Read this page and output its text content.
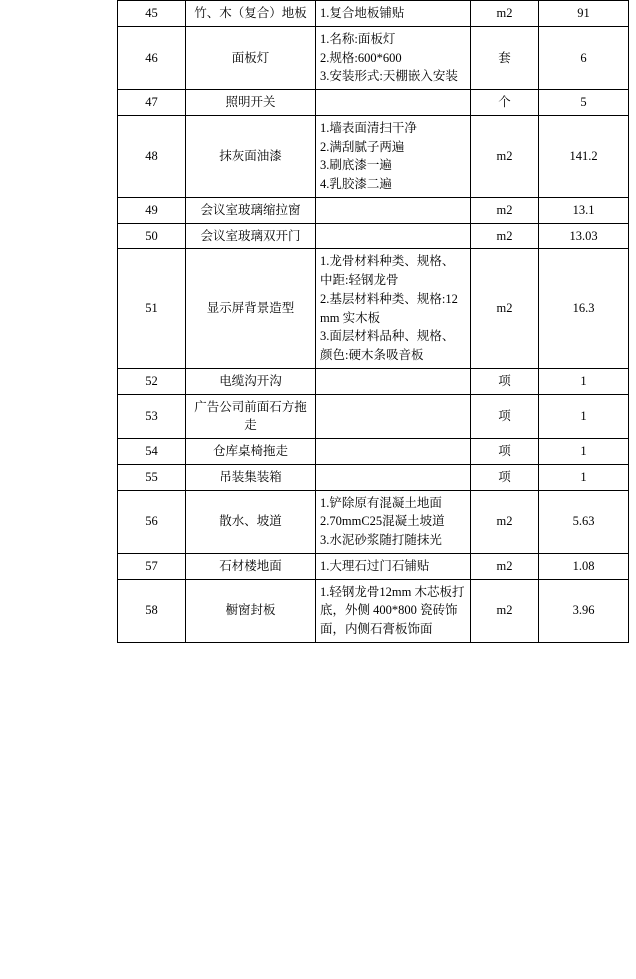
45	竹、木（复合）地板	1.复合地板铺贴	m2	91
46	面板灯	1.名称:面板灯
2.规格:600*600
3.安装形式:天棚嵌入安装	套	6
47	照明开关		个	5
48	抹灰面油漆	1.墙表面清扫干净
2.满刮腻子两遍
3.刷底漆一遍
4.乳胶漆二遍	m2	141.2
49	会议室玻璃缩拉窗		m2	13.1
50	会议室玻璃双开门		m2	13.03
51	显示屏背景造型	1.龙骨材料种类、规格、中距:轻钢龙骨
2.基层材料种类、规格:12mm 实木板
3.面层材料品种、规格、颜色:硬木条吸音板	m2	16.3
52	电缆沟开沟		项	1
53	广告公司前面石方拖走		项	1
54	仓库桌椅拖走		项	1
55	吊装集装箱		项	1
56	散水、坡道	1.铲除原有混凝土地面
2.70mmC25混凝土坡道
3.水泥砂浆随打随抹光	m2	5.63
57	石材楼地面	1.大理石过门石铺贴	m2	1.08
58	橱窗封板	1.轻钢龙骨12mm 木芯板打底，外侧 400*800 瓷砖饰面，内侧石膏板饰面	m2	3.96
